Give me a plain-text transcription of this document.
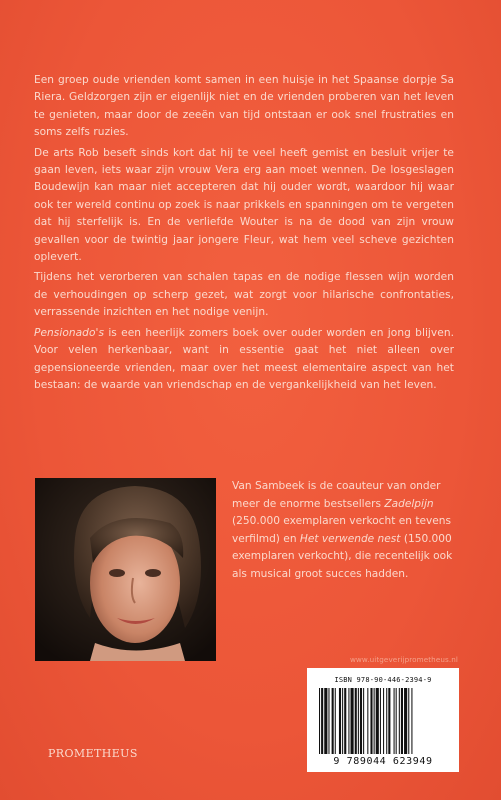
Een groep oude vrienden komt samen in een huisje in het Spaanse dorpje Sa Riera. Geldzorgen zijn er eigenlijk niet en de vrienden proberen van het leven te genieten, maar door de zeeën van tijd ontstaan er ook snel frustraties en soms zelfs ruzies.

De arts Rob beseft sinds kort dat hij te veel heeft gemist en besluit vrijer te gaan leven, iets waar zijn vrouw Vera erg aan moet wennen. De losgeslagen Boudewijn kan maar niet accepteren dat hij ouder wordt, waardoor hij waar ook ter wereld continu op zoek is naar prikkels en spanningen om te vergeten dat hij sterfelijk is. En de verliefde Wouter is na de dood van zijn vrouw gevallen voor de twintig jaar jongere Fleur, wat hem veel scheve gezichten oplevert.

Tijdens het verorberen van schalen tapas en de nodige flessen wijn worden de verhoudingen op scherp gezet, wat zorgt voor hilarische confrontaties, verrassende inzichten en het nodige venijn.

Pensionado's is een heerlijk zomers boek over ouder worden en jong blijven. Voor velen herkenbaar, want in essentie gaat het niet alleen over gepensioneerde vrienden, maar over het meest elementaire aspect van het bestaan: de waarde van vriendschap en de vergankelijkheid van het leven.

Van Sambeek is de coauteur van onder meer de enorme bestsellers Zadelpijn (250.000 exemplaren verkocht en tevens verfilmd) en Het verwende nest (150.000 exemplaren verkocht), die recentelijk ook als musical groot succes hadden.

www.uitgeverijprometheus.nl
ISBN 978-90-446-2394-9
9 789044 623949
PROMETHEUS
